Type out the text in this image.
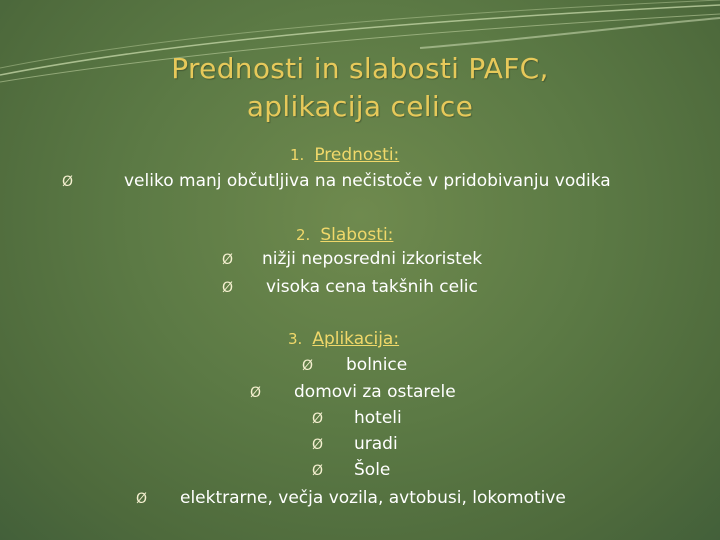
Prednosti in slabosti PAFC,
aplikacija celice
1. Prednosti:
Ø	veliko manj občutljiva na nečistoče v pridobivanju vodika
2. Slabosti:
Ø nižji neposredni izkoristek
Ø visoka cena takšnih celic
3. Aplikacija:
Ø bolnice
Ø domovi za ostarele
Ø hoteli
Ø uradi
Ø Šole
Ø elektrarne, večja vozila, avtobusi, lokomotive
